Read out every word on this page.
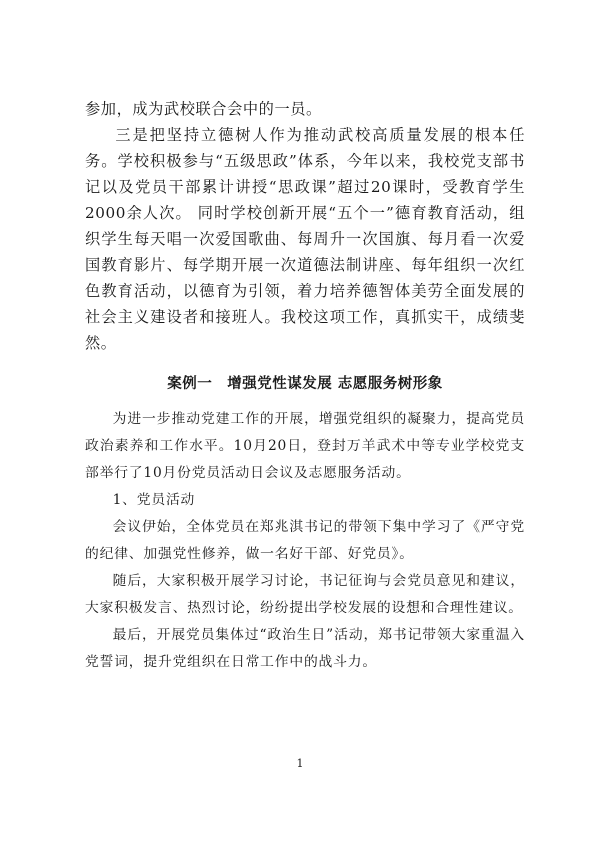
参加，成为武校联合会中的一员。

三是把坚持立德树人作为推动武校高质量发展的根本任务。学校积极参与“五级思政”体系，今年以来，我校党支部书记以及党员干部累计讲授“思政课”超过20课时，受教育学生2000余人次。 同时学校创新开展“五个一”德育教育活动，组织学生每天唱一次爱国歌曲、每周升一次国旗、每月看一次爱国教育影片、每学期开展一次道德法制讲座、每年组织一次红色教育活动，以德育为引领，着力培养德智体美劳全面发展的社会主义建设者和接班人。我校这项工作，真抓实干，成绩斐然。

案例一　增强党性谋发展 志愿服务树形象

为进一步推动党建工作的开展，增强党组织的凝聚力，提高党员政治素养和工作水平。10月20日，登封万羊武术中等专业学校党支部举行了10月份党员活动日会议及志愿服务活动。

1、党员活动

会议伊始，全体党员在郑兆淇书记的带领下集中学习了《严守党的纪律、加强党性修养，做一名好干部、好党员》。

随后，大家积极开展学习讨论，书记征询与会党员意见和建议，大家积极发言、热烈讨论，纷纷提出学校发展的设想和合理性建议。

最后，开展党员集体过“政治生日”活动，郑书记带领大家重温入党誓词，提升党组织在日常工作中的战斗力。

1
